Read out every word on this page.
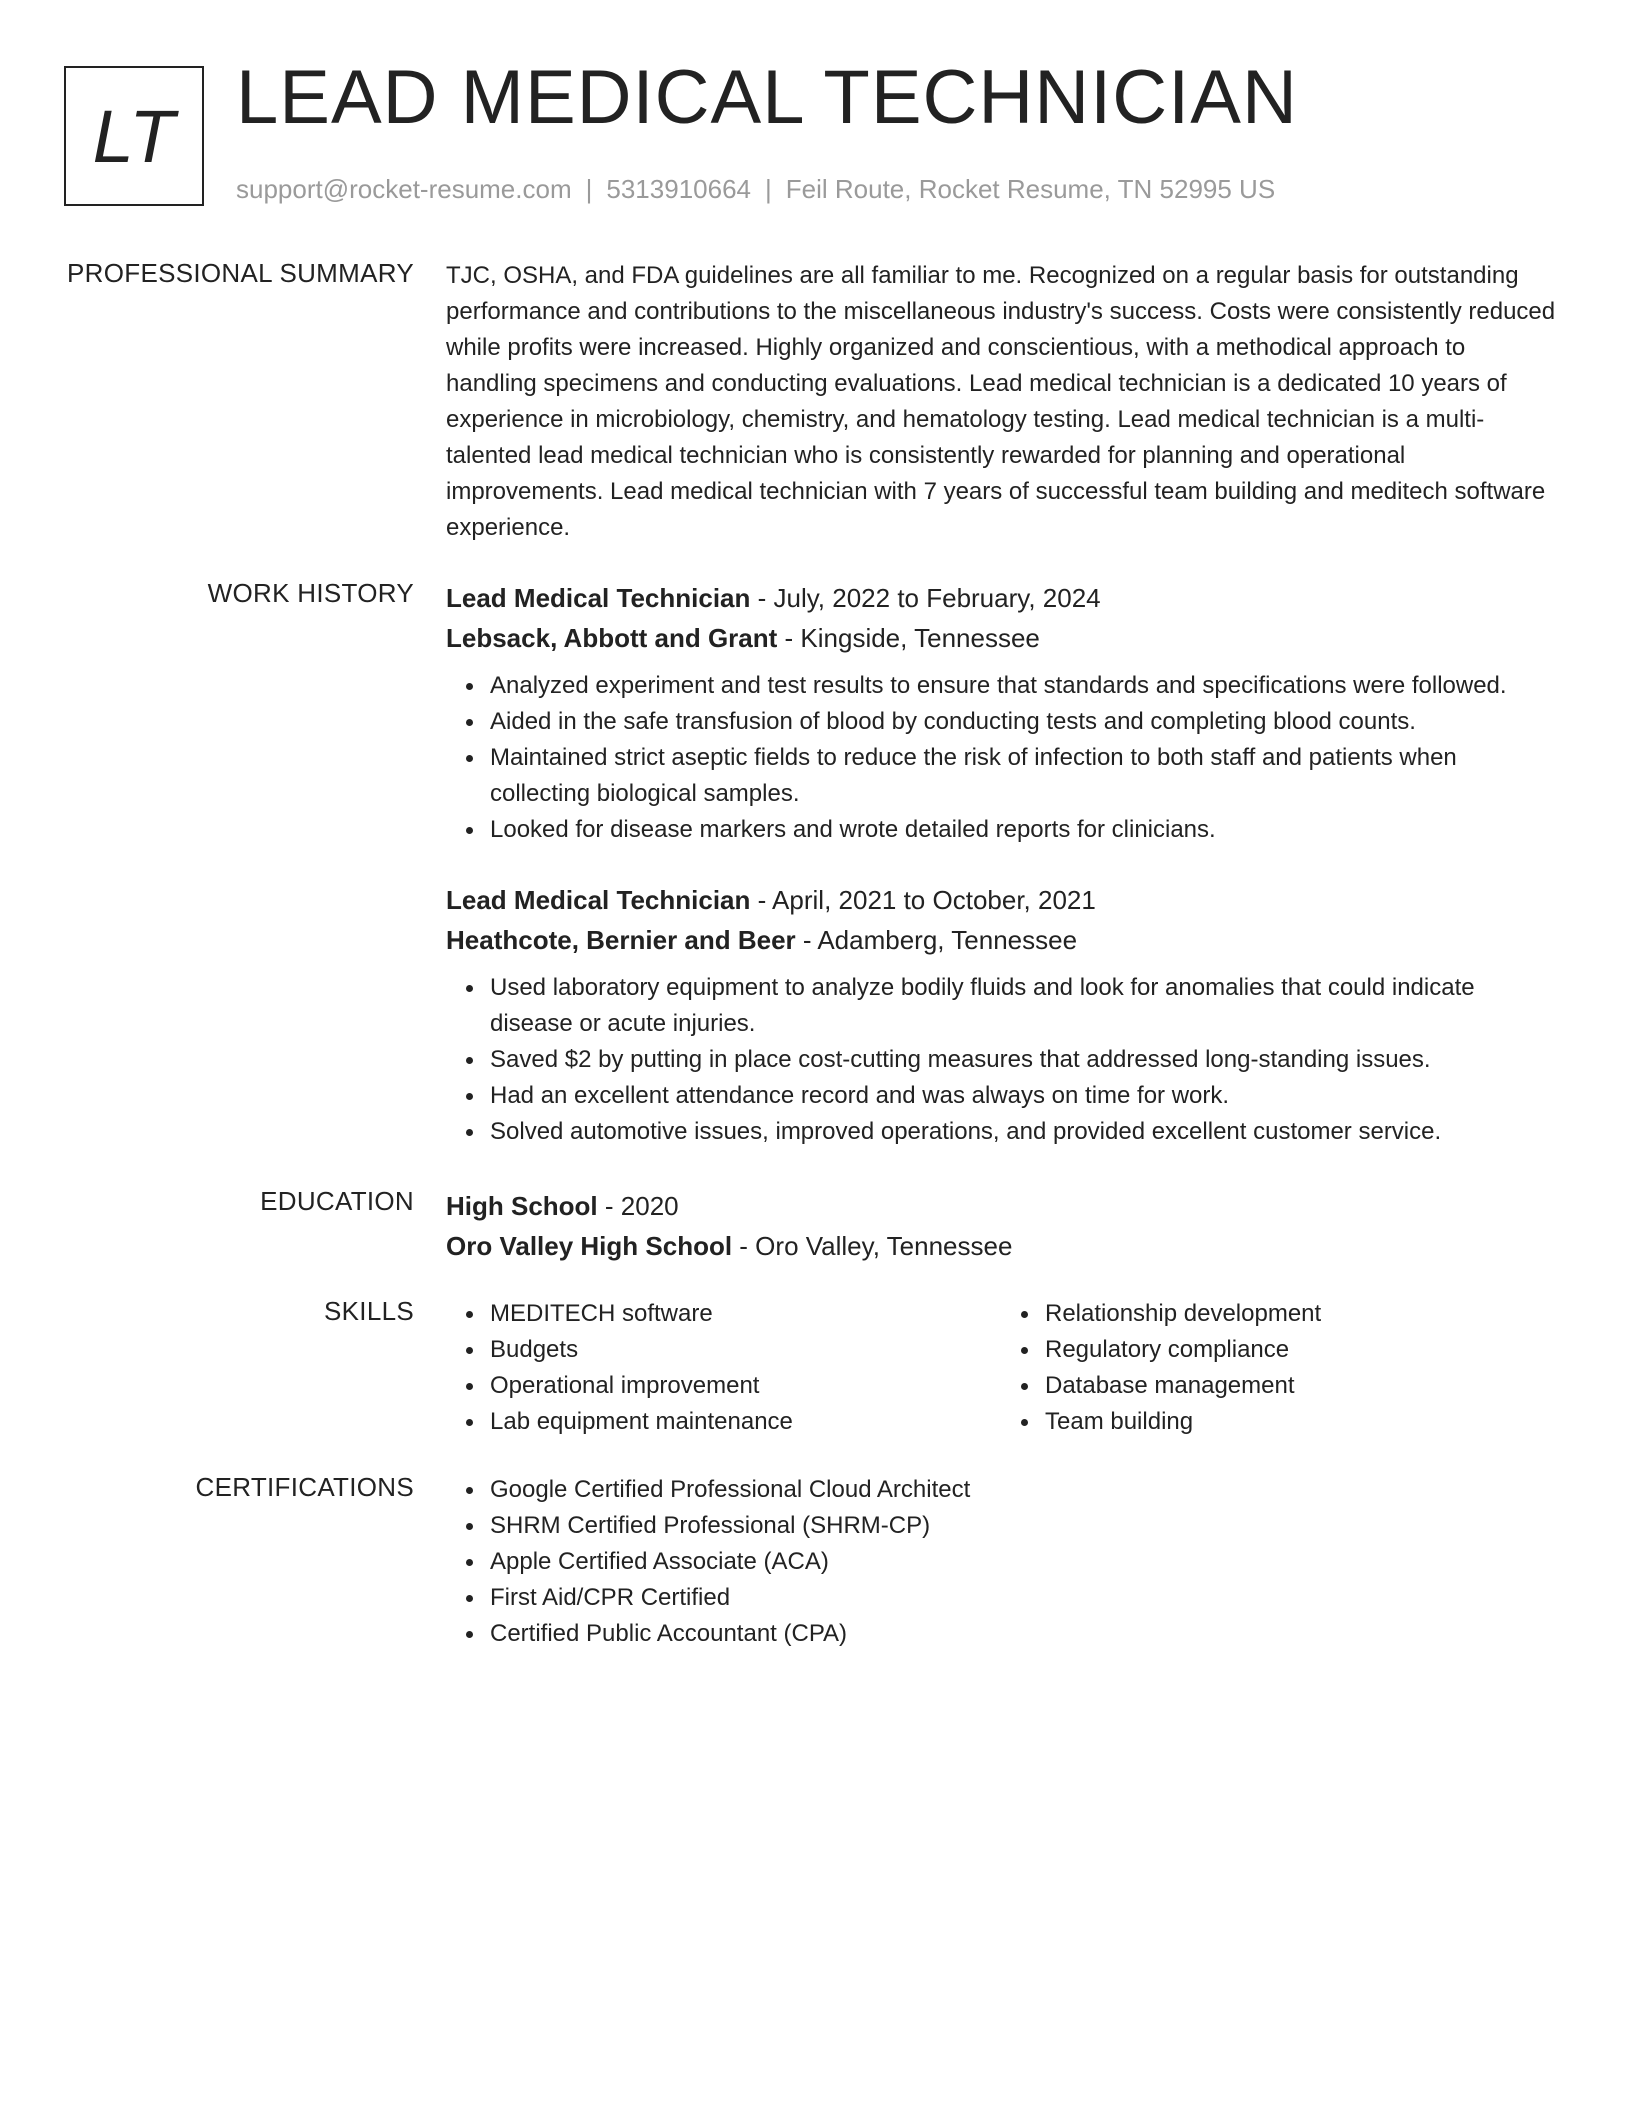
LT LEAD MEDICAL TECHNICIAN
support@rocket-resume.com | 5313910664 | Feil Route, Rocket Resume, TN 52995 US
PROFESSIONAL SUMMARY TJC, OSHA, and FDA guidelines are all familiar to me. Recognized on a regular basis for outstanding performance and contributions to the miscellaneous industry's success. Costs were consistently reduced while profits were increased. Highly organized and conscientious, with a methodical approach to handling specimens and conducting evaluations. Lead medical technician is a dedicated 10 years of experience in microbiology, chemistry, and hematology testing. Lead medical technician is a multi-talented lead medical technician who is consistently rewarded for planning and operational improvements. Lead medical technician with 7 years of successful team building and meditech software experience.

WORK HISTORY Lead Medical Technician - July, 2022 to February, 2024

Lebsack, Abbott and Grant - Kingside, Tennessee

Analyzed experiment and test results to ensure that standards and specifications were followed.
Aided in the safe transfusion of blood by conducting tests and completing blood counts.
Maintained strict aseptic fields to reduce the risk of infection to both staff and patients when collecting biological samples.
Looked for disease markers and wrote detailed reports for clinicians.

Lead Medical Technician - April, 2021 to October, 2021

Heathcote, Bernier and Beer - Adamberg, Tennessee

Used laboratory equipment to analyze bodily fluids and look for anomalies that could indicate disease or acute injuries.
Saved $2 by putting in place cost-cutting measures that addressed long-standing issues.
Had an excellent attendance record and was always on time for work.
Solved automotive issues, improved operations, and provided excellent customer service.
EDUCATION High School - 2020

Oro Valley High School - Oro Valley, Tennessee

SKILLS	MEDITECH software
Budgets
Operational improvement
Lab equipment maintenance
Relationship development
Regulatory compliance
Database management
Team building
CERTIFICATIONS	Google Certified Professional Cloud Architect
SHRM Certified Professional (SHRM-CP)
Apple Certified Associate (ACA)
First Aid/CPR Certified
Certified Public Accountant (CPA)
